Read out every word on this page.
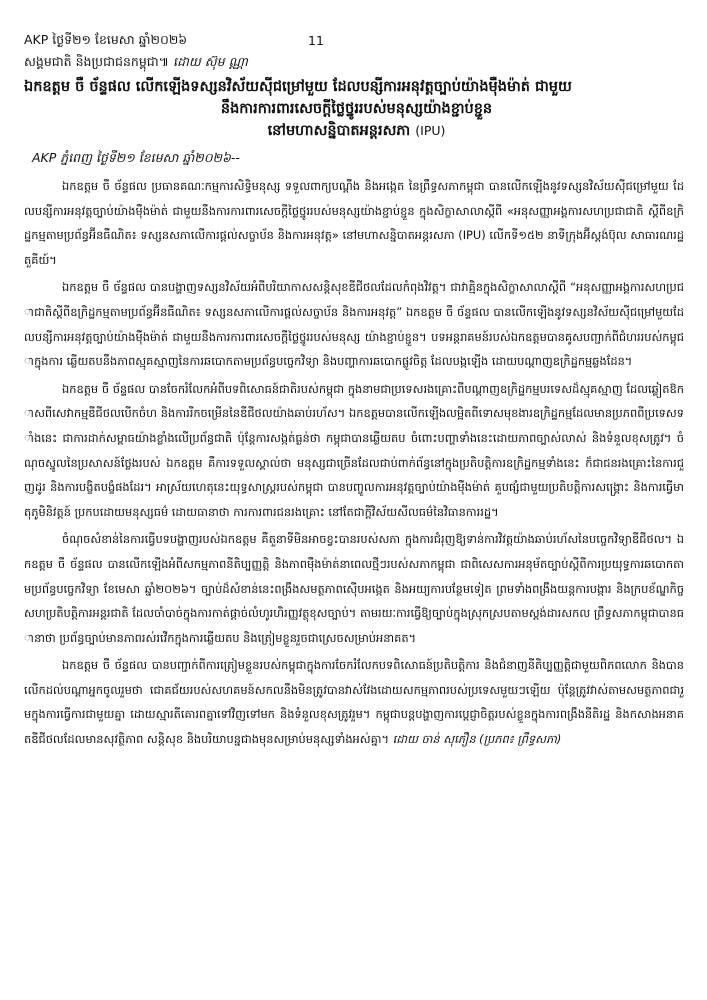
AKP ថ្ងៃទី២១ ខែមេសា ឆ្នាំ២០២៦	11
សង្គមជាតិ និងប្រជាជនកម្ពុជា៕ ដោយ ស៊ុម ណ្ណា
ឯកឧត្តម ចឺ ច័ន្ទផល លើកឡើងទស្សនវិស័យស៊ីជម្រៅមួយ ដែលបន្សីការអនុវត្តច្បាប់យ៉ាងម៉ឺងម៉ាត់ ជាមួយ
នឹងការការពារសេចក្តីថ្លៃថ្នូររបស់មនុស្សយ៉ាងខ្ជាប់ខ្ជួន
នៅមហាសន្និបាតអន្តរសភា (IPU)
AKP ភ្នំពេញ ថ្ងៃទី២១ ខែមេសា ឆ្នាំ២០២៦--

ឯកឧត្តម ចឺ ច័ន្ទផល ប្រធានគណៈកម្មការសិទ្ធិមនុស្ស ទទួលពាក្យបណ្តឹង និងអង្កេត នៃព្រឹទ្ធសភាកម្ពុជា បានលើកឡើងនូវទស្សនវិស័យស៊ីជម្រៅមួយ ដែលបន្សីការអនុវត្តច្បាប់យ៉ាងម៉ឺងម៉ាត់ ជាមួយនឹងការការពារសេចក្តីថ្លៃថ្នូររបស់មនុស្សយ៉ាងខ្ជាប់ខ្ជួន ក្នុងសិក្ខាសាលាស្តីពី «អនុសញ្ញាអង្គការសហប្រជាជាតិ ស្តីពីឧក្រិដ្ឋកម្មតាមប្រព័ន្ធអ៊ីនធឺណិត៖ ទស្សនសភាលើការផ្តល់សច្ចាប័ន និងការអនុវត្ត» នៅមហាសន្និបាតអន្តរសភា (IPU) លើកទី១៥២ នាទីក្រុងអ៊ីស្តង់ប៊ុល សាធារណរដ្ឋតួគីយ៍។

ឯកឧត្តម ចឺ ច័ន្ទផល បានបង្ហាញទស្សនវិស័យអំពីបរិយាកាសសន្តិសុខឌីជីថលដែលកំពុងវិវត្ត។ ជាវាគ្មិនក្នុងសិក្ខាសាលាស្តីពី “អនុសញ្ញាអង្គការសហប្រជាជាតិស្តីពីឧក្រិដ្ឋកម្មតាមប្រព័ន្ធអ៊ីនធឺណិត៖ ទស្សនសភាលើការផ្តល់សច្ចាប័ន និងការអនុវត្ត” ឯកឧត្តម ចឺ ច័ន្ទផល បានលើកឡើងនូវទស្សនវិស័យស៊ីជម្រៅមួយដែលបន្សីការអនុវត្តច្បាប់យ៉ាងម៉ឺងម៉ាត់ ជាមួយនឹងការការពារសេចក្តីថ្លៃថ្នូររបស់មនុស្ស យ៉ាងខ្ជាប់ខ្ជួន។ បទអន្តរាគមន៍របស់ឯកឧត្តមបានគូសបញ្ជាក់ពីជំហររបស់កម្ពុជាក្នុងការ ឆ្លើយតបនឹងភាពស្មុគស្មាញនៃការឆបោកតាមប្រព័ន្ធបច្ចេកវិទ្យា និងបញ្ហាការឆបោកផ្លូវចិត្ត ដែលបង្កឡើង ដោយបណ្តាញឧក្រិដ្ឋកម្មឆ្លងដែន។

ឯកឧត្តម ចឺ ច័ន្ទផល បានចែករំលែកអំពីបទពិសោធន៍ជាតិរបស់កម្ពុជា ក្នុងនាមជាប្រទេសរងគ្រោះពីបណ្តាញឧក្រិដ្ឋកម្មបរទេសដ៏ស្មុគស្មាញ ដែលឆ្លៀតឱកាសពីសេវាកម្មឌីជីថលបើកចំហ និងការរីកចម្រើននៃឌីជីថលយ៉ាងឆាប់រហ័ស។ ឯកឧត្តមបានលើកឡើងលម្អិតពីទោសមុខងារឧក្រិដ្ឋកម្មដែលមានប្រភពពីប្រទេសទាំងនេះ ជាការដាក់សម្ពាធយ៉ាងខ្លាំងលើប្រព័ន្ធជាតិ ប៉ុន្តែការសង្កត់ធ្ងន់ថា កម្ពុជាបានឆ្លើយតប ចំពោះបញ្ហាទាំងនេះដោយភាពច្បាស់លាស់ និងទំនួលខុសត្រូវ។ ចំណុចស្នូលនៃប្រសាសន៍ថ្លែងរបស់ ឯកឧត្តម គឺការទទួលស្គាល់ថា មនុស្សជាច្រើនដែលជាប់ពាក់ព័ន្ធនៅក្នុងប្រតិបត្តិការឧក្រិដ្ឋកម្មទាំងនេះ ក៏ជាជនរងគ្រោះនៃការជួញដូរ និងការបង្ខិតបង្ខំផងដែរ។ អាស្រ័យហេតុនេះយុទ្ធសាស្ត្ររបស់កម្ពុជា បានបញ្ចូលការអនុវត្តច្បាប់យ៉ាងម៉ឺងម៉ាត់ គួបផ្សំជាមួយប្រតិបត្តិការសង្គ្រោះ និងការធ្វើមាតុភូមិនិវត្តន៍ ប្រកបដោយមនុស្សធម៌ ដោយធានាថា ការការពារជនរងគ្រោះ នៅតែជាក្តីវិស័យសីលធម៌នៃវិធានការរដ្ឋ។

ចំណុចសំខាន់នៃការធ្វើបទបង្ហាញរបស់ឯកឧត្តម គឺតួនាទីមិនអាចខ្វះបានរបស់សភា ក្នុងការជំរុញឱ្យទាន់ការវិវត្តយ៉ាងឆាប់រហ័សនៃបច្ចេកវិទ្យាឌីជីថល។ ឯកឧត្តម ចឺ ច័ន្ទផល បានលើកឡើងអំពីសកម្មភាពនីតិប្បញ្ញត្តិ និងភាពម៉ឺងម៉ាត់នាពេលថ្មីៗរបស់សភាកម្ពុជា ជាពិសេសការអនុម័តច្បាប់ស្តីពីការប្រយុទ្ធការឆបោកតាមប្រព័ន្ធបច្ចេកវិទ្យា ខែមេសា ឆ្នាំ២០២៦។ ច្បាប់ដ៏សំខាន់នេះពង្រឹងសមត្ថភាពស៊ើបអង្កេត និងអយ្យការបន្ថែមទៀត ព្រមទាំងពង្រឹងយន្តការបង្ការ និងក្របខ័ណ្ឌកិច្ចសហប្រតិបត្តិការអន្តរជាតិ ដែលចាំបាច់ក្នុងការកាត់ផ្តាច់លំហូរហិរញ្ញវត្ថុខុសច្បាប់។ តាមរយៈការធ្វើឱ្យច្បាប់ក្នុងស្រុកស្របតាមស្តង់ដារសកល ព្រឹទ្ធសភាកម្ពុជាបានធានាថា ប្រព័ន្ធច្បាប់មានភាពរស់រវើកក្នុងការឆ្លើយតប និងត្រៀមខ្លួនរួចជាស្រេចសម្រាប់អនាគត។

ឯកឧត្តម ចឺ ច័ន្ទផល បានបញ្ជាក់ពីការត្រៀមខ្លួនរបស់កម្ពុជាក្នុងការចែករំលែកបទពិសោធន៍ប្រតិបត្តិការ និងជំនាញនីតិប្បញ្ញត្តិជាមួយពិភពលោក និងបានលើកដល់បណ្តាអ្នកចូលរួមថា ជោគជ័យរបស់សហគមន៍សកលនឹងមិនត្រូវបានវាស់វែងដោយសកម្មភាពរបស់ប្រទេសមួយៗឡើយ ប៉ុន្តែត្រូវវាស់តាមសមត្ថភាពជារួមក្នុងការធ្វើការជាមួយគ្នា ដោយស្មារតីគោរពគ្នាទៅវិញទៅមក និងទំនួលខុសត្រូវរួម។ កម្ពុជាបន្តបង្ហាញការប្តេជ្ញាចិត្តរបស់ខ្លួនក្នុងការពង្រឹងនីតិរដ្ឋ និងកសាងអនាគតឌីជីថលដែលមានសុវត្ថិភាព សន្តិសុខ និងបរិយាបន្នជាងមុនសម្រាប់មនុស្សទាំងអស់គ្នា។ ដោយ ចាន់ សុភឿន (ប្រភព៖ ព្រឹទ្ធសភា)
